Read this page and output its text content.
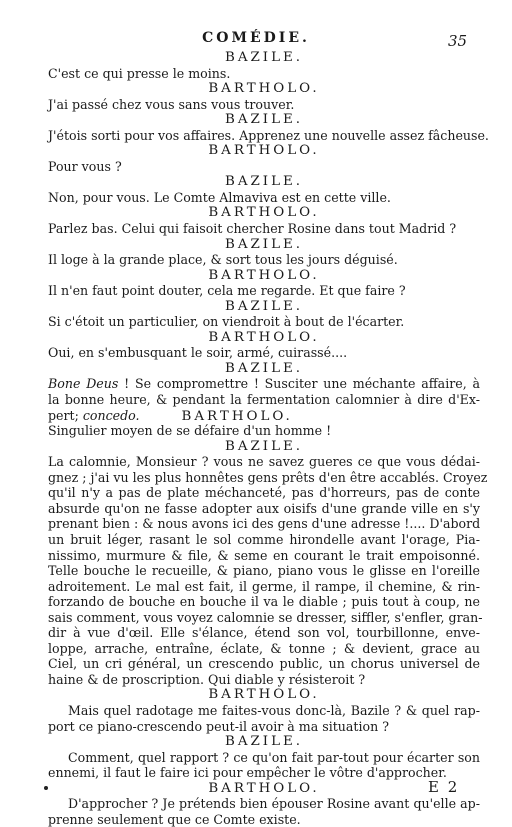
COMÉDIE.	35
BAZILE.
C'est ce qui presse le moins.
BARTHOLO.
J'ai passé chez vous sans vous trouver.
BAZILE.
J'étois sorti pour vos affaires. Apprenez une nouvelle assez fâcheuse.
BARTHOLO.
Pour vous ?
BAZILE.
Non, pour vous. Le Comte Almaviva est en cette ville.
BARTHOLO.
Parlez bas. Celui qui faisoit chercher Rosine dans tout Madrid ?
BAZILE.
Il loge à la grande place, & sort tous les jours déguisé.
BARTHOLO.
Il n'en faut point douter, cela me regarde. Et que faire ?
BAZILE.
Si c'étoit un particulier, on viendroit à bout de l'écarter.
BARTHOLO.
Oui, en s'embusquant le soir, armé, cuirassé....
BAZILE.
Bone Deus ! Se compromettre ! Susciter une méchante affaire, à
la bonne heure, & pendant la fermentation calomnier à dire d'Ex-
pert; concedo.	BARTHOLO.
Singulier moyen de se défaire d'un homme !
BAZILE.
La calomnie, Monsieur ? vous ne savez gueres ce que vous dédai-
gnez ; j'ai vu les plus honnêtes gens prêts d'en être accablés. Croyez
qu'il n'y a pas de plate méchanceté, pas d'horreurs, pas de conte
absurde qu'on ne fasse adopter aux oisifs d'une grande ville en s'y
prenant bien : & nous avons ici des gens d'une adresse !.... D'abord
un bruit léger, rasant le sol comme hirondelle avant l'orage, Pia-
nissimo, murmure & file, & seme en courant le trait empoisonné.
Telle bouche le recueille, & piano, piano vous le glisse en l'oreille
adroitement. Le mal est fait, il germe, il rampe, il chemine, & rin-
forzando de bouche en bouche il va le diable ; puis tout à coup, ne
sais comment, vous voyez calomnie se dresser, siffler, s'enfler, gran-
dir à vue d'œil. Elle s'élance, étend son vol, tourbillonne, enve-
loppe, arrache, entraîne, éclate, & tonne ; & devient, grace au
Ciel, un cri général, un crescendo public, un chorus universel de
haine & de proscription. Qui diable y résisteroit ?
BARTHOLO.
Mais quel radotage me faites-vous donc-là, Bazile ? & quel rap-
port ce piano-crescendo peut-il avoir à ma situation ?
BAZILE.
Comment, quel rapport ? ce qu'on fait par-tout pour écarter son
ennemi, il faut le faire ici pour empêcher le vôtre d'approcher.
BARTHOLO.
D'approcher ? Je prétends bien épouser Rosine avant qu'elle ap-
prenne seulement que ce Comte existe.
E 2
